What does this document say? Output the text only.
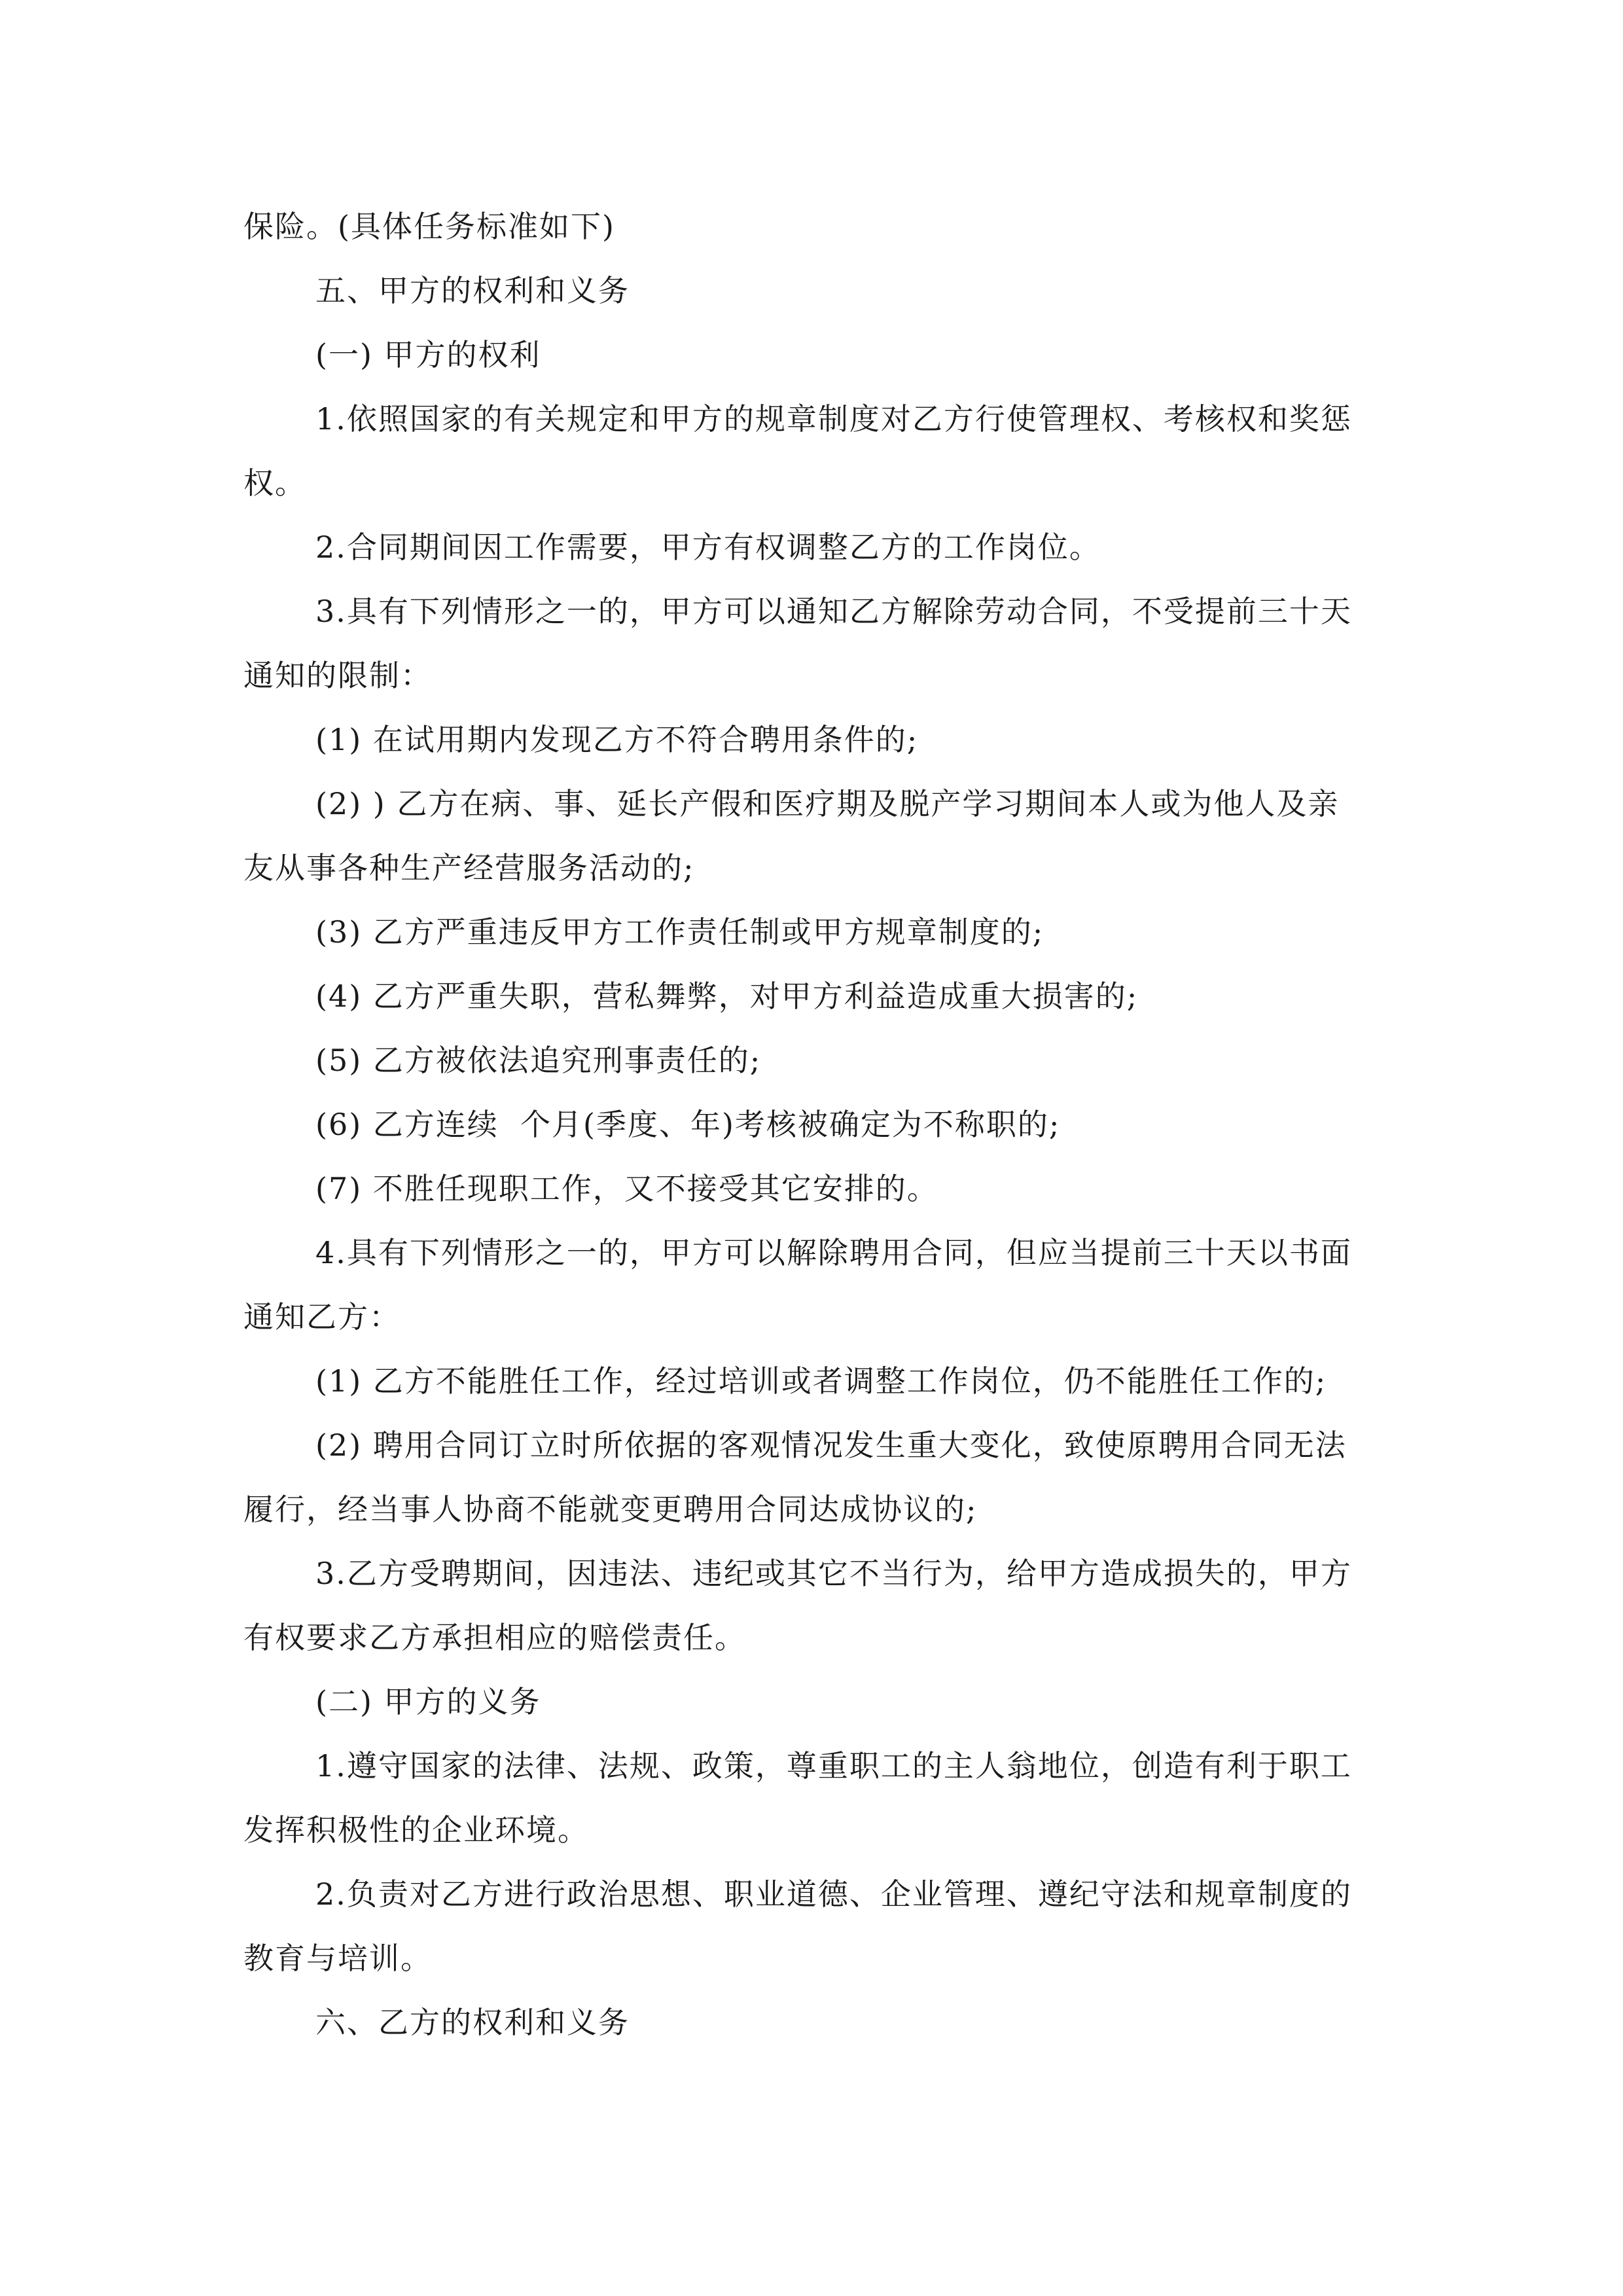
保险。(具体任务标准如下)
五、甲方的权利和义务
(一) 甲方的权利
1.依照国家的有关规定和甲方的规章制度对乙方行使管理权、考核权和奖惩
权。
2.合同期间因工作需要，甲方有权调整乙方的工作岗位。
3.具有下列情形之一的，甲方可以通知乙方解除劳动合同，不受提前三十天
通知的限制：
(1) 在试用期内发现乙方不符合聘用条件的;
(2) ) 乙方在病、事、延长产假和医疗期及脱产学习期间本人或为他人及亲
友从事各种生产经营服务活动的;
(3) 乙方严重违反甲方工作责任制或甲方规章制度的;
(4) 乙方严重失职，营私舞弊，对甲方利益造成重大损害的;
(5) 乙方被依法追究刑事责任的;
(6) 乙方连续  个月(季度、年)考核被确定为不称职的;
(7) 不胜任现职工作，又不接受其它安排的。
4.具有下列情形之一的，甲方可以解除聘用合同，但应当提前三十天以书面
通知乙方：
(1) 乙方不能胜任工作，经过培训或者调整工作岗位，仍不能胜任工作的;
(2) 聘用合同订立时所依据的客观情况发生重大变化，致使原聘用合同无法
履行，经当事人协商不能就变更聘用合同达成协议的;
3.乙方受聘期间，因违法、违纪或其它不当行为，给甲方造成损失的，甲方
有权要求乙方承担相应的赔偿责任。
(二) 甲方的义务
1.遵守国家的法律、法规、政策，尊重职工的主人翁地位，创造有利于职工
发挥积极性的企业环境。
2.负责对乙方进行政治思想、职业道德、企业管理、遵纪守法和规章制度的
教育与培训。
六、乙方的权利和义务
